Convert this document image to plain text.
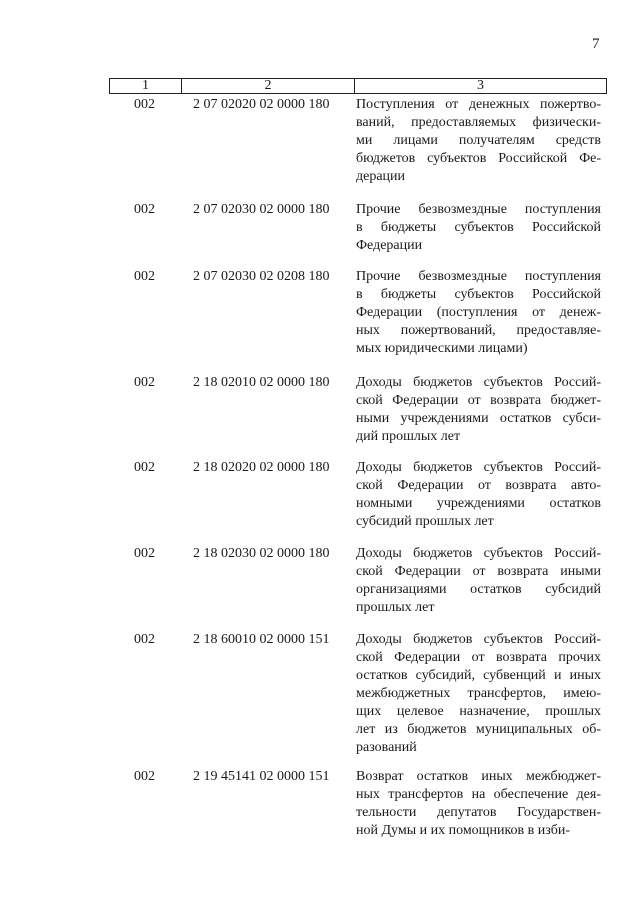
7
1	2	3
002	2 07 02020 02 0000 180	Поступления от денежных пожертво-
ваний, предоставляемых физически-
ми лицами получателям средств
бюджетов субъектов Российской Фе-
дерации
002	2 07 02030 02 0000 180	Прочие безвозмездные поступления
в бюджеты субъектов Российской
Федерации
002	2 07 02030 02 0208 180	Прочие безвозмездные поступления
в бюджеты субъектов Российской
Федерации (поступления от денеж-
ных пожертвований, предоставляе-
мых юридическими лицами)
002	2 18 02010 02 0000 180	Доходы бюджетов субъектов Россий-
ской Федерации от возврата бюджет-
ными учреждениями остатков субси-
дий прошлых лет
002	2 18 02020 02 0000 180	Доходы бюджетов субъектов Россий-
ской Федерации от возврата авто-
номными учреждениями остатков
субсидий прошлых лет
002	2 18 02030 02 0000 180	Доходы бюджетов субъектов Россий-
ской Федерации от возврата иными
организациями остатков субсидий
прошлых лет
002	2 18 60010 02 0000 151	Доходы бюджетов субъектов Россий-
ской Федерации от возврата прочих
остатков субсидий, субвенций и иных
межбюджетных трансфертов, имею-
щих целевое назначение, прошлых
лет из бюджетов муниципальных об-
разований
002	2 19 45141 02 0000 151	Возврат остатков иных межбюджет-
ных трансфертов на обеспечение дея-
тельности депутатов Государствен-
ной Думы и их помощников в изби-
